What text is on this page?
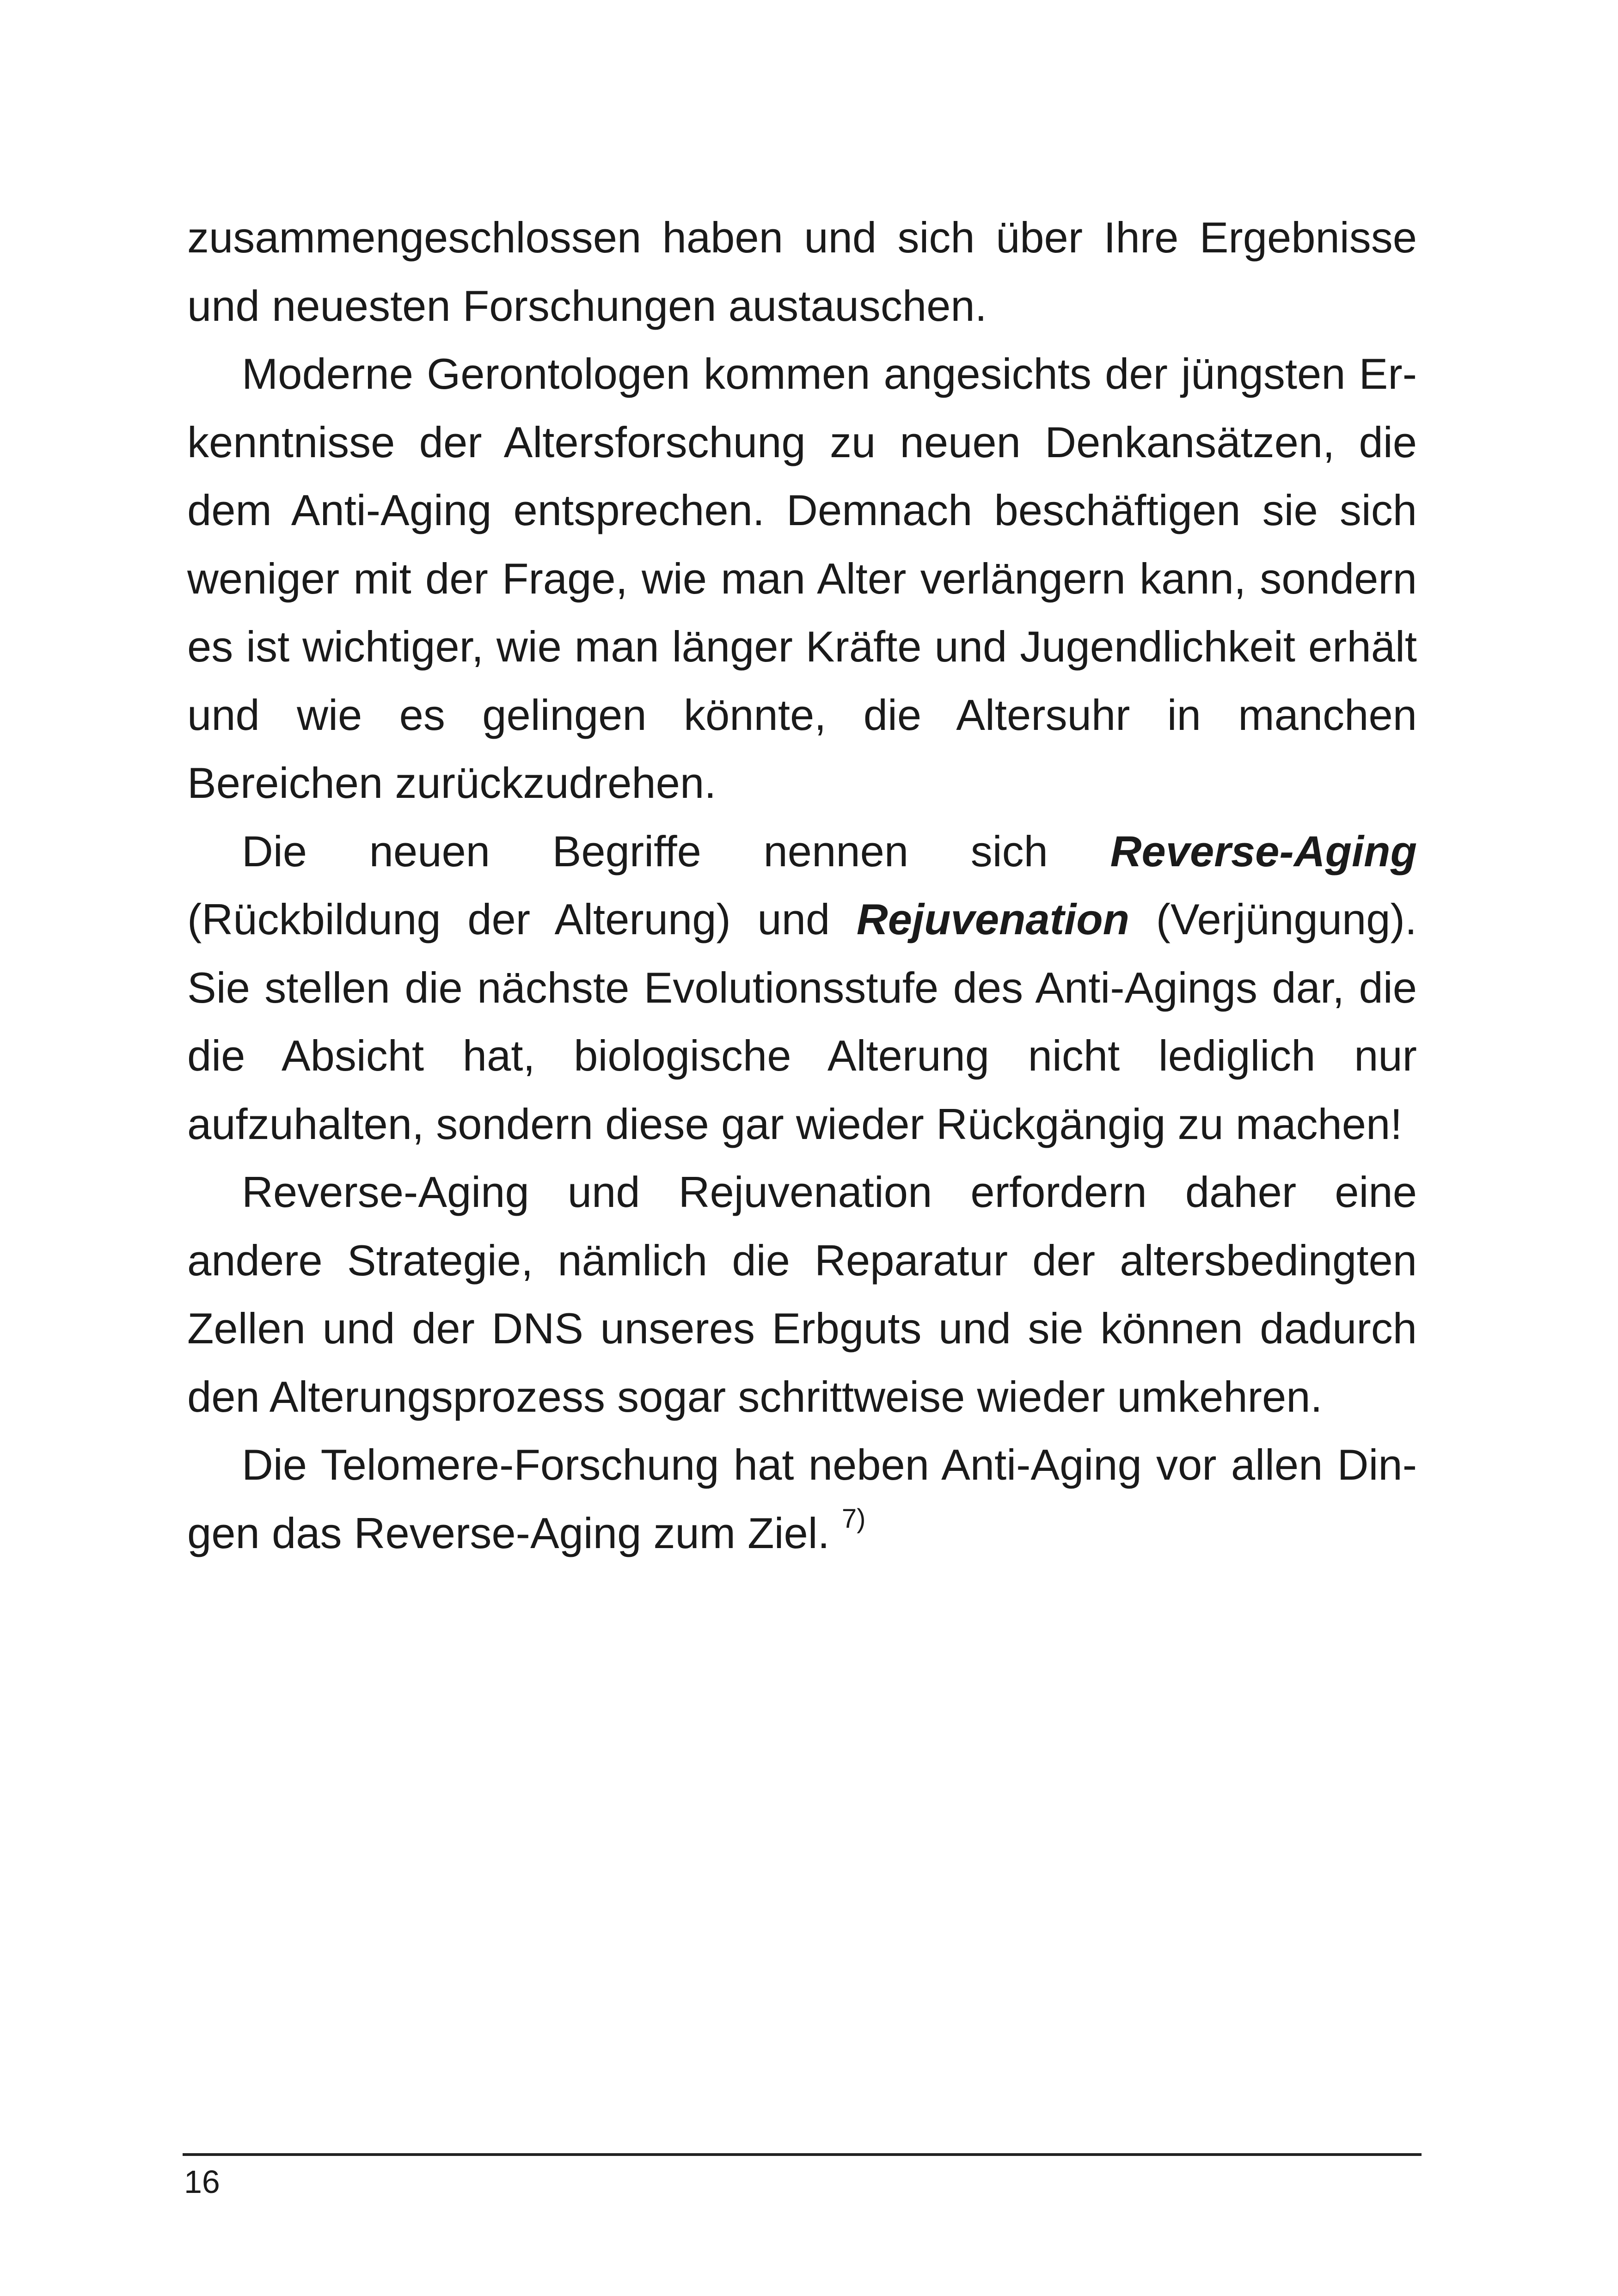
zusammengeschlossen haben und sich über Ihre Ergebnisse und neuesten Forschungen austauschen.

Moderne Gerontologen kommen angesichts der jüngsten Erkenntnisse der Altersforschung zu neuen Denkansätzen, die dem Anti-Aging entsprechen. Demnach beschäftigen sie sich weniger mit der Frage, wie man Alter verlängern kann, sondern es ist wichtiger, wie man länger Kräfte und Jugendlichkeit erhält und wie es gelingen könnte, die Altersuhr in manchen Bereichen zurückzudrehen.

Die neuen Begriffe nennen sich Reverse-Aging (Rückbildung der Alterung) und Rejuvenation (Verjüngung). Sie stellen die nächste Evolutionsstufe des Anti-Agings dar, die die Absicht hat, biologische Alterung nicht lediglich nur aufzuhalten, sondern diese gar wieder Rückgängig zu machen!

Reverse-Aging und Rejuvenation erfordern daher eine andere Strategie, nämlich die Reparatur der altersbedingten Zellen und der DNS unseres Erbguts und sie können dadurch den Alterungsprozess sogar schrittweise wieder umkehren.

Die Telomere-Forschung hat neben Anti-Aging vor allen Dingen das Reverse-Aging zum Ziel. $^{7)}$

16
